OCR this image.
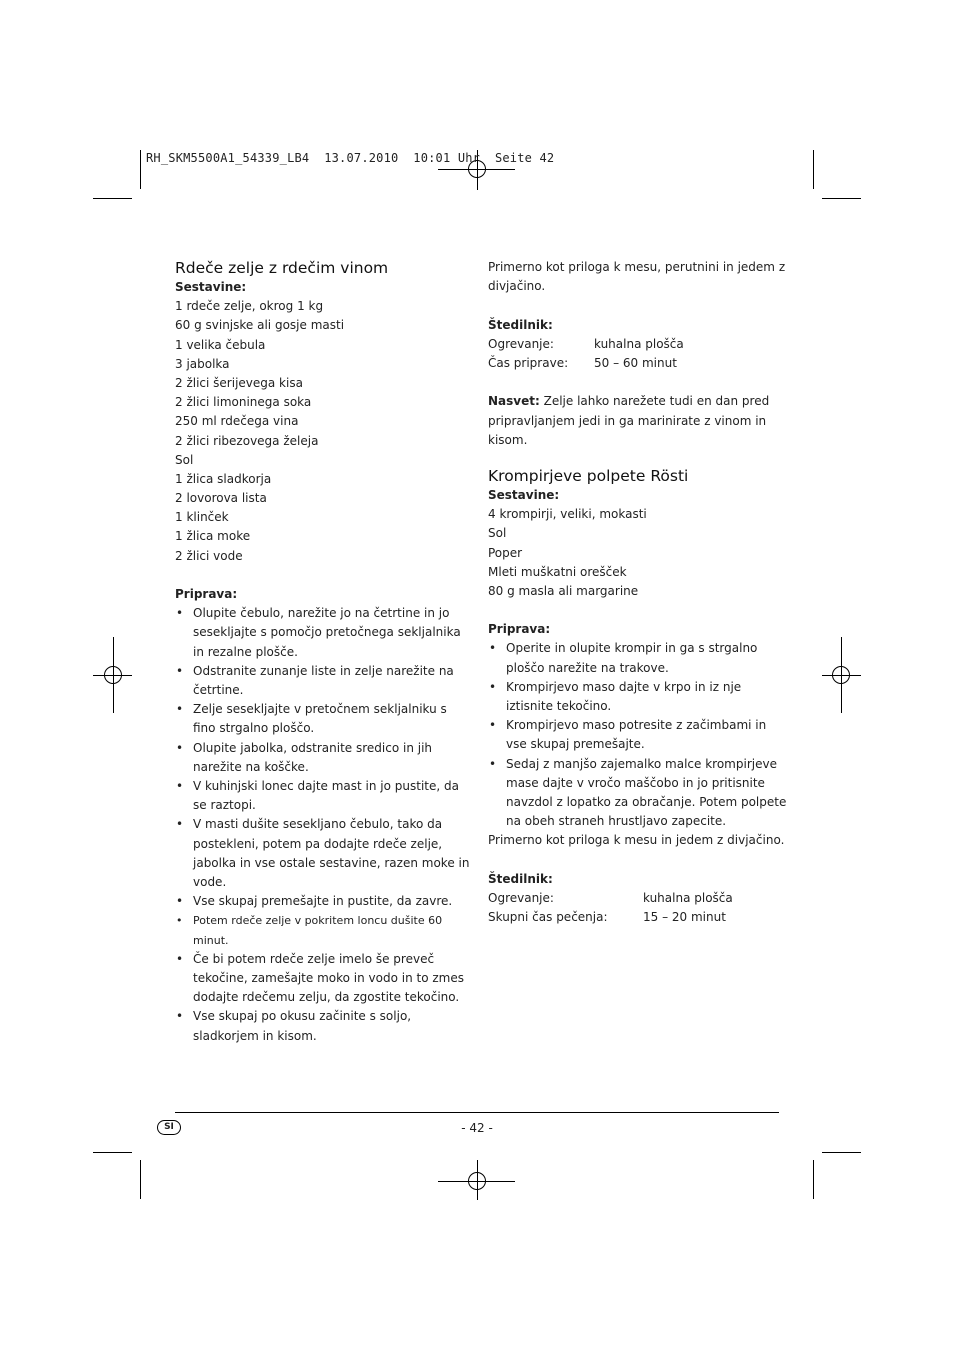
RH_SKM5500A1_54339_LB4  13.07.2010  10:01 Uhr  Seite 42
Rdeče zelje z rdečim vinom
Sestavine:
1 rdeče zelje, okrog 1 kg
60 g svinjske ali gosje masti
1 velika čebula
3 jabolka
2 žlici šerijevega kisa
2 žlici limoninega soka
250 ml rdečega vina
2 žlici ribezovega želeja
Sol
1 žlica sladkorja
2 lovorova lista
1 klinček
1 žlica moke
2 žlici vode
Priprava:
• Olupite čebulo, narežite jo na četrtine in jo sesekljajte s pomočjo pretočnega sekljalnika in rezalne plošče.
• Odstranite zunanje liste in zelje narežite na četrtine.
• Zelje sesekljajte v pretočnem sekljalniku s fino strgalno ploščo.
• Olupite jabolka, odstranite sredico in jih narežite na koščke.
• V kuhinjski lonec dajte mast in jo pustite, da se raztopi.
• V masti dušite sesekljano čebulo, tako da postekleni, potem pa dodajte rdeče zelje, jabolka in vse ostale sestavine, razen moke in vode.
• Vse skupaj premešajte in pustite, da zavre.
• Potem rdeče zelje v pokritem loncu dušite 60 minut.
• Če bi potem rdeče zelje imelo še preveč tekočine, zamešajte moko in vodo in to zmes dodajte rdečemu zelju, da zgostite tekočino.
• Vse skupaj po okusu začinite s soljo, sladkorjem in kisom.
Primerno kot priloga k mesu, perutnini in jedem z divjačino.
Štedilnik:
Ogrevanje:	kuhalna plošča
Čas priprave:	50 – 60 minut
Nasvet: Zelje lahko narežete tudi en dan pred pripravljanjem jedi in ga marinirate z vinom in kisom.
Krompirjeve polpete Rösti
Sestavine:
4 krompirji, veliki, mokasti
Sol
Poper
Mleti muškatni orešček
80 g masla ali margarine
Priprava:
• Operite in olupite krompir in ga s strgalno ploščo narežite na trakove.
• Krompirjevo maso dajte v krpo in iz nje iztisnite tekočino.
• Krompirjevo maso potresite z začimbami in vse skupaj premešajte.
• Sedaj z manjšo zajemalko malce krompirjeve mase dajte v vročo maščobo in jo pritisnite navzdol z lopatko za obračanje. Potem polpete na obeh straneh hrustljavo zapecite.
Primerno kot priloga k mesu in jedem z divjačino.
Štedilnik:
Ogrevanje:	kuhalna plošča
Skupni čas pečenja:	15 – 20 minut
SI	- 42 -
